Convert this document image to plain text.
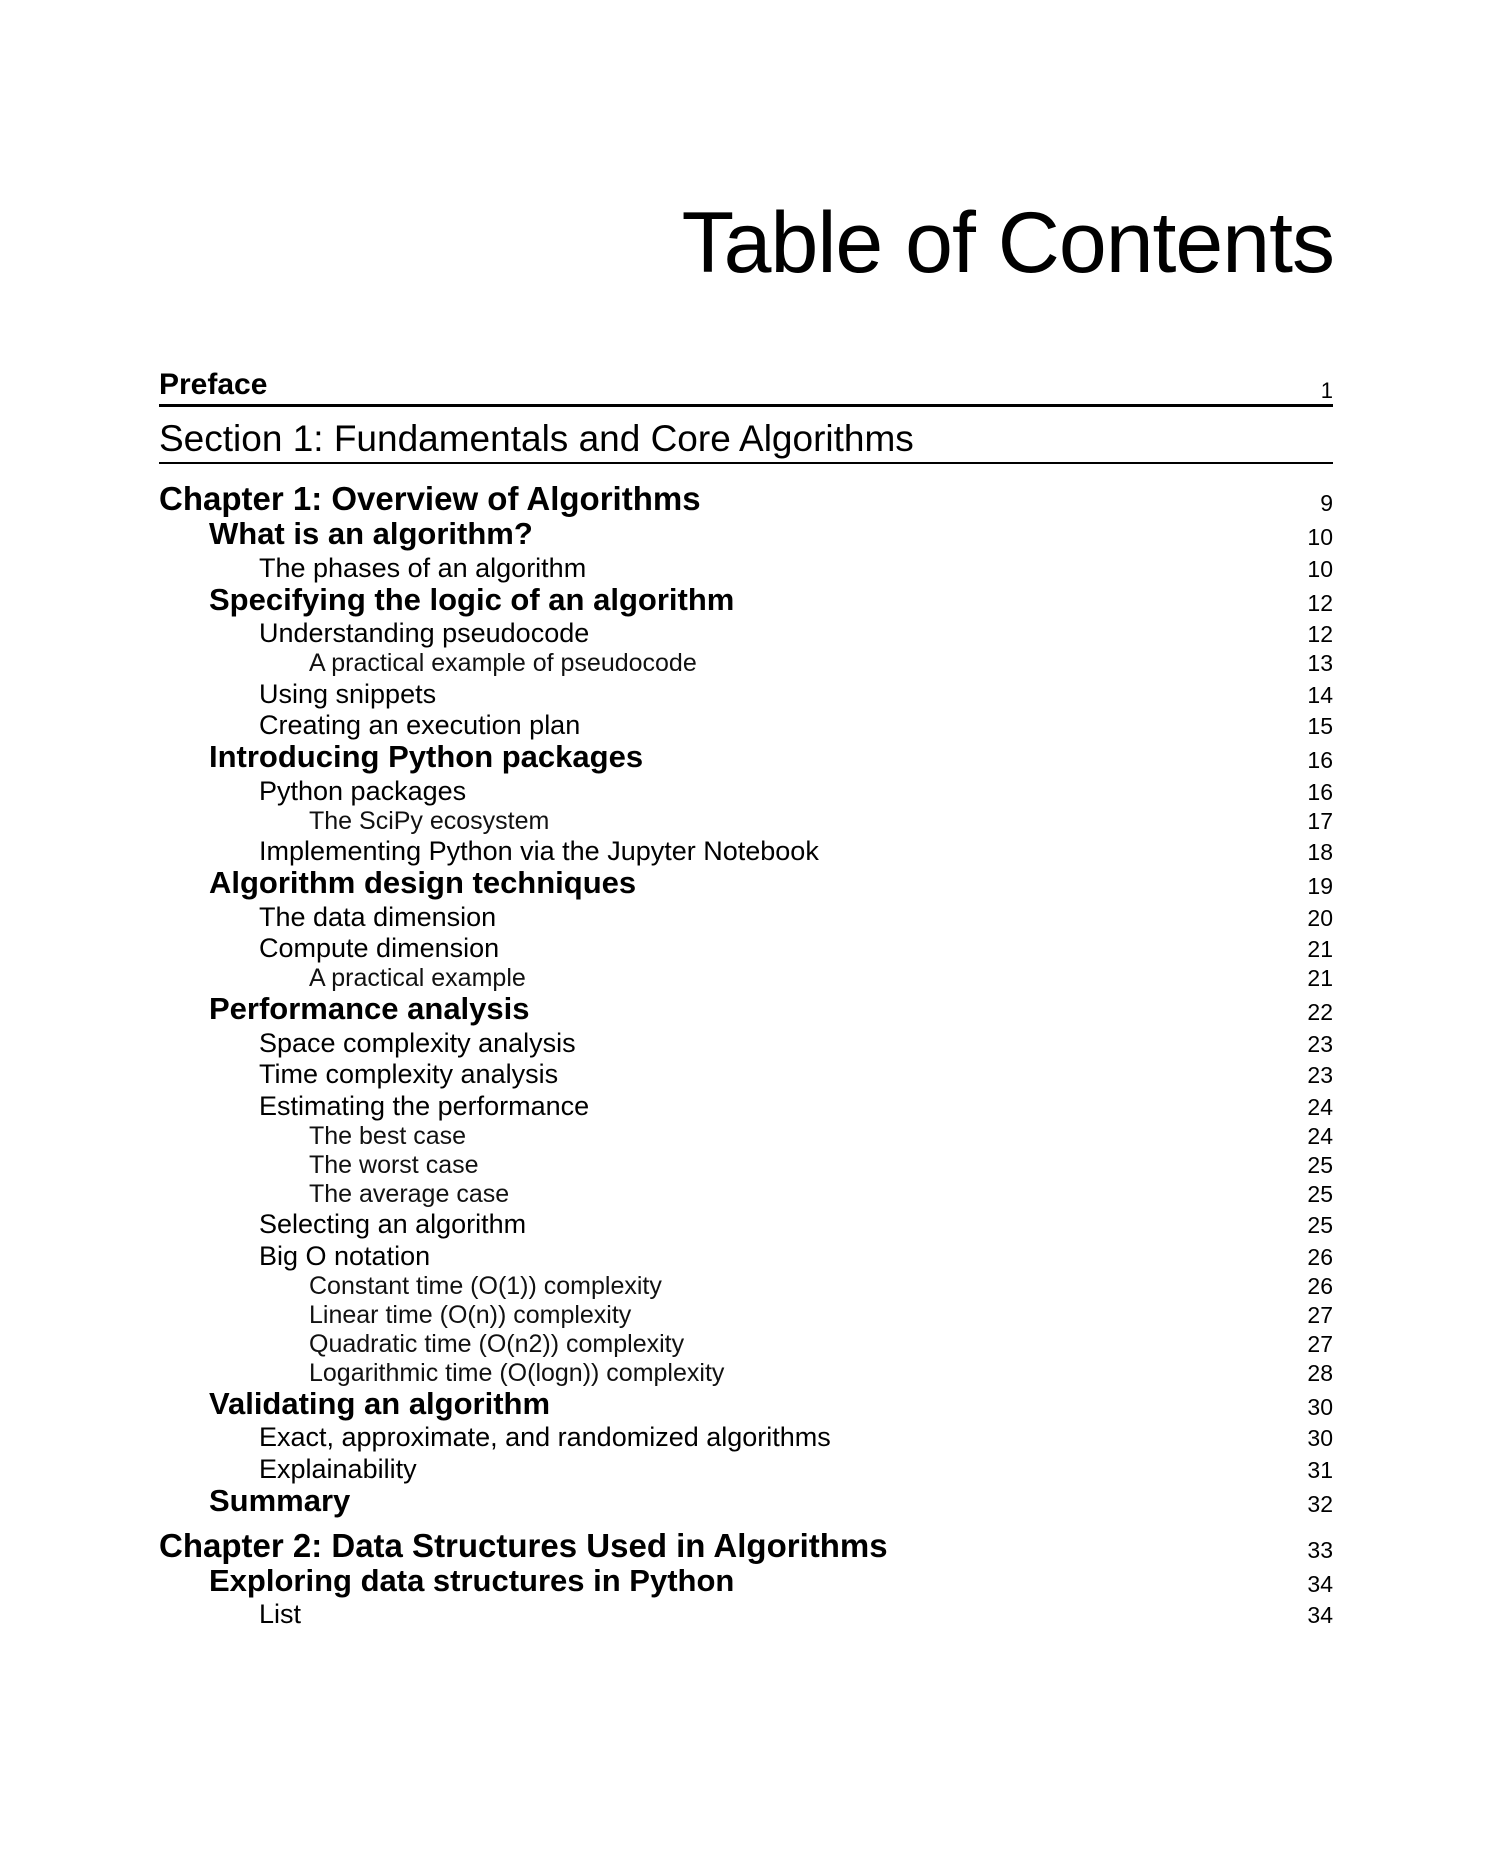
Table of Contents
Preface	1
Section 1: Fundamentals and Core Algorithms
Chapter 1: Overview of Algorithms	9
What is an algorithm?	10
The phases of an algorithm	10
Specifying the logic of an algorithm	12
Understanding pseudocode	12
A practical example of pseudocode	13
Using snippets	14
Creating an execution plan	15
Introducing Python packages	16
Python packages	16
The SciPy ecosystem	17
Implementing Python via the Jupyter Notebook	18
Algorithm design techniques	19
The data dimension	20
Compute dimension	21
A practical example	21
Performance analysis	22
Space complexity analysis	23
Time complexity analysis	23
Estimating the performance	24
The best case	24
The worst case	25
The average case	25
Selecting an algorithm	25
Big O notation	26
Constant time (O(1)) complexity	26
Linear time (O(n)) complexity	27
Quadratic time (O(n2)) complexity	27
Logarithmic time (O(logn)) complexity	28
Validating an algorithm	30
Exact, approximate, and randomized algorithms	30
Explainability	31
Summary	32
Chapter 2: Data Structures Used in Algorithms	33
Exploring data structures in Python	34
List	34
